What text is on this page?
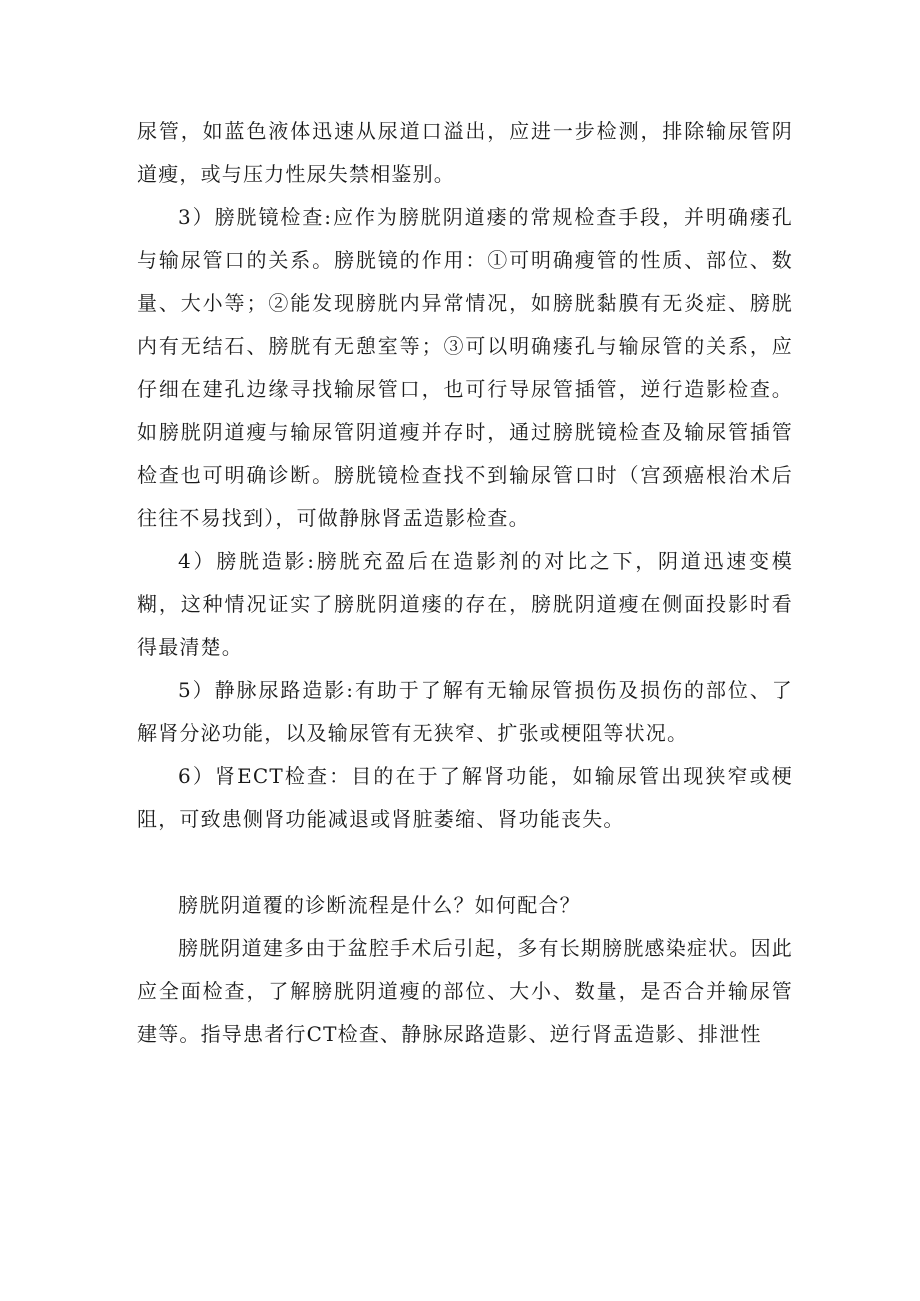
尿管，如蓝色液体迅速从尿道口溢出，应进一步检测，排除输尿管阴道瘦，或与压力性尿失禁相鉴别。

3）膀胱镜检查:应作为膀胱阴道瘘的常规检查手段，并明确瘘孔与输尿管口的关系。膀胱镜的作用：①可明确瘦管的性质、部位、数量、大小等；②能发现膀胱内异常情况，如膀胱黏膜有无炎症、膀胱内有无结石、膀胱有无憩室等；③可以明确瘘孔与输尿管的关系，应仔细在建孔边缘寻找输尿管口，也可行导尿管插管，逆行造影检查。如膀胱阴道瘦与输尿管阴道瘦并存时，通过膀胱镜检查及输尿管插管检查也可明确诊断。膀胱镜检查找不到输尿管口时（宫颈癌根治术后往往不易找到），可做静脉肾盂造影检查。

4）膀胱造影:膀胱充盈后在造影剂的对比之下，阴道迅速变模糊，这种情况证实了膀胱阴道瘘的存在，膀胱阴道瘦在侧面投影时看得最清楚。

5）静脉尿路造影:有助于了解有无输尿管损伤及损伤的部位、了解肾分泌功能，以及输尿管有无狭窄、扩张或梗阻等状况。

6）肾ECT检查：目的在于了解肾功能，如输尿管出现狭窄或梗阻，可致患侧肾功能减退或肾脏萎缩、肾功能丧失。

膀胱阴道覆的诊断流程是什么？如何配合？

膀胱阴道建多由于盆腔手术后引起，多有长期膀胱感染症状。因此应全面检查，了解膀胱阴道瘦的部位、大小、数量，是否合并输尿管建等。指导患者行CT检查、静脉尿路造影、逆行肾盂造影、排泄性
